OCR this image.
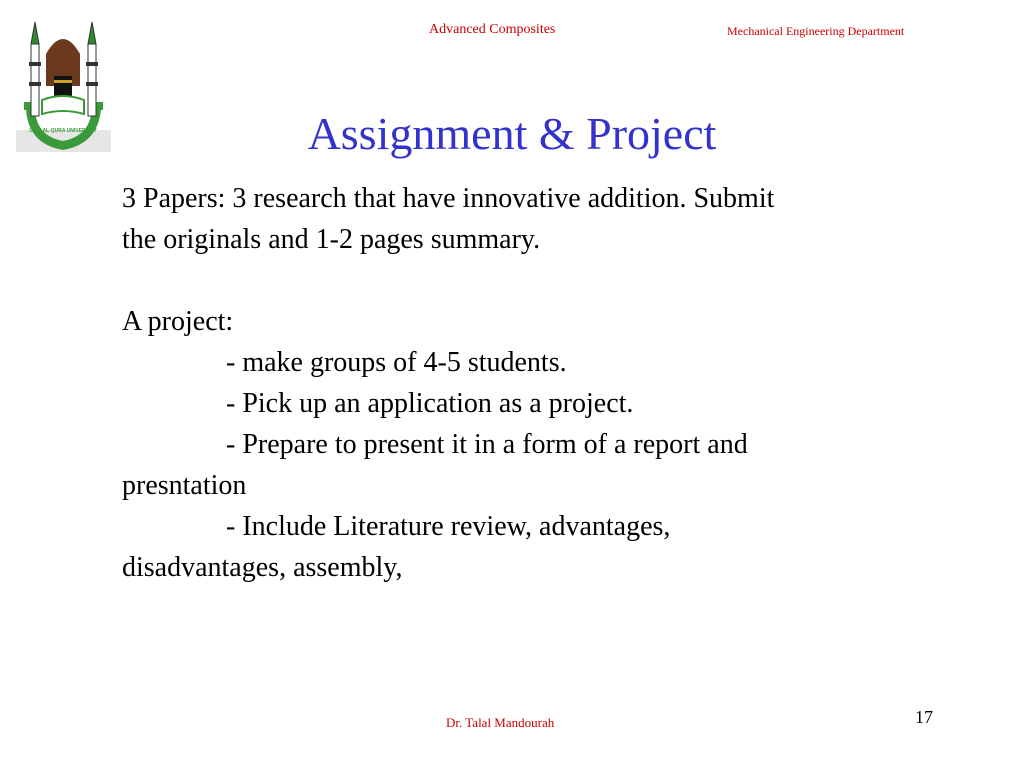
UMM AL-QURA UNIVERSITY
Advanced Composites	Mechanical Engineering Department
Assignment & Project

3 Papers: 3 research that have innovative addition. Submit

the originals and 1-2 pages summary.

A project:

- make groups of 4-5 students.

- Pick up an application as a project.

- Prepare to present it in a form of a report and

presntation

- Include Literature review, advantages,

disadvantages, assembly,

Dr. Talal Mandourah	17
